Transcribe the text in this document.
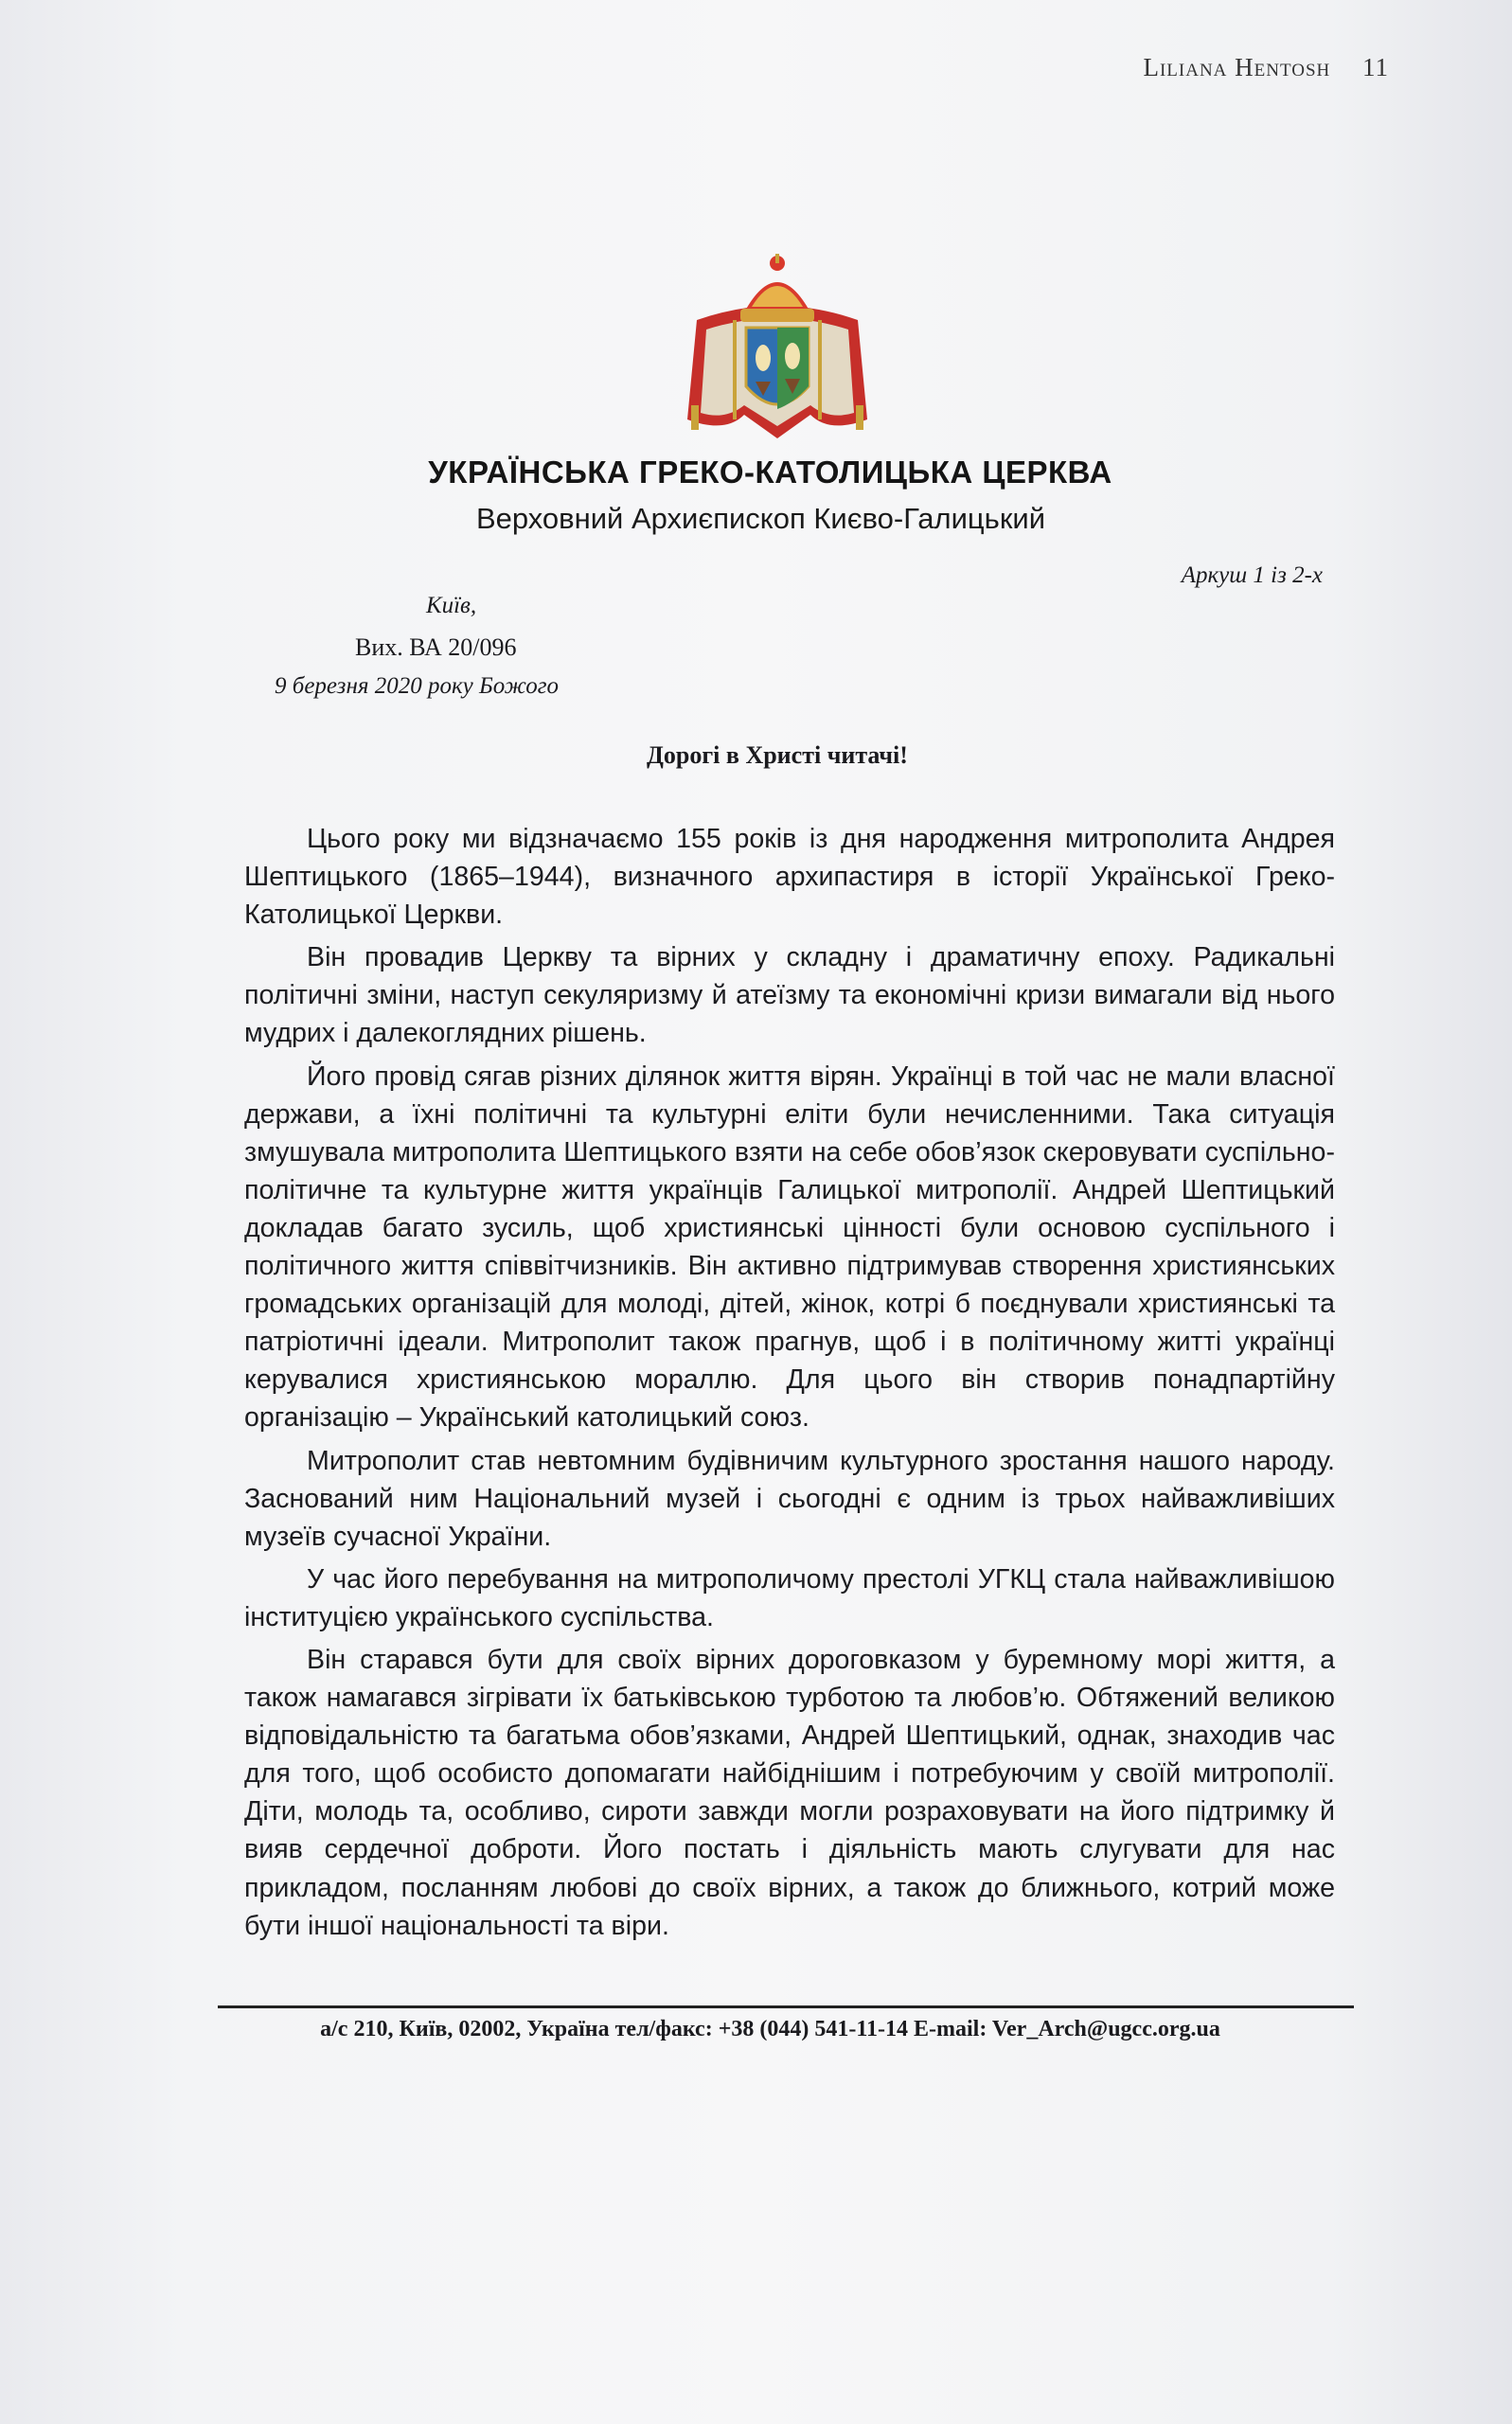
Liliana Hentosh 11
УКРАЇНСЬКА ГРЕКО-КАТОЛИЦЬКА ЦЕРКВА
Верховний Архиєпископ Києво-Галицький
Аркуш 1 із 2-х
Київ,
Вих. ВА 20/096
9 березня 2020 року Божого
Дорогі в Христі читачі!

Цього року ми відзначаємо 155 років із дня народження митрополита Андрея Шептицького (1865–1944), визначного архипастиря в історії Української Греко-Католицької Церкви.

Він провадив Церкву та вірних у складну і драматичну епоху. Радикальні політичні зміни, наступ секуляризму й атеїзму та економічні кризи вимагали від нього мудрих і далекоглядних рішень.

Його провід сягав різних ділянок життя вірян. Українці в той час не мали власної держави, а їхні політичні та культурні еліти були нечисленними. Така ситуація змушувала митрополита Шептицького взяти на себе обов’язок скеровувати суспільно-політичне та культурне життя українців Галицької митрополії. Андрей Шептицький докладав багато зусиль, щоб християнські цінності були основою суспільного і політичного життя співвітчизників. Він активно підтримував створення християнських громадських організацій для молоді, дітей, жінок, котрі б поєднували християнські та патріотичні ідеали. Митрополит також прагнув, щоб і в політичному житті українці керувалися християнською мораллю. Для цього він створив понадпартійну організацію – Український католицький союз.

Митрополит став невтомним будівничим культурного зростання нашого народу. Заснований ним Національний музей і сьогодні є одним із трьох найважливіших музеїв сучасної України.

У час його перебування на митрополичому престолі УГКЦ стала найважливішою інституцією українського суспільства.

Він старався бути для своїх вірних дороговказом у буремному морі життя, а також намагався зігрівати їх батьківською турботою та любов’ю. Обтяжений великою відповідальністю та багатьма обов’язками, Андрей Шептицький, однак, знаходив час для того, щоб особисто допомагати найбіднішим і потребуючим у своїй митрополії. Діти, молодь та, особливо, сироти завжди могли розраховувати на його підтримку й вияв сердечної доброти. Його постать і діяльність мають слугувати для нас прикладом, посланням любові до своїх вірних, а також до ближнього, котрий може бути іншої національності та віри.

а/с 210, Київ, 02002, Україна тел/факс: +38 (044) 541-11-14 E-mail: Ver_Arch@ugcc.org.ua
